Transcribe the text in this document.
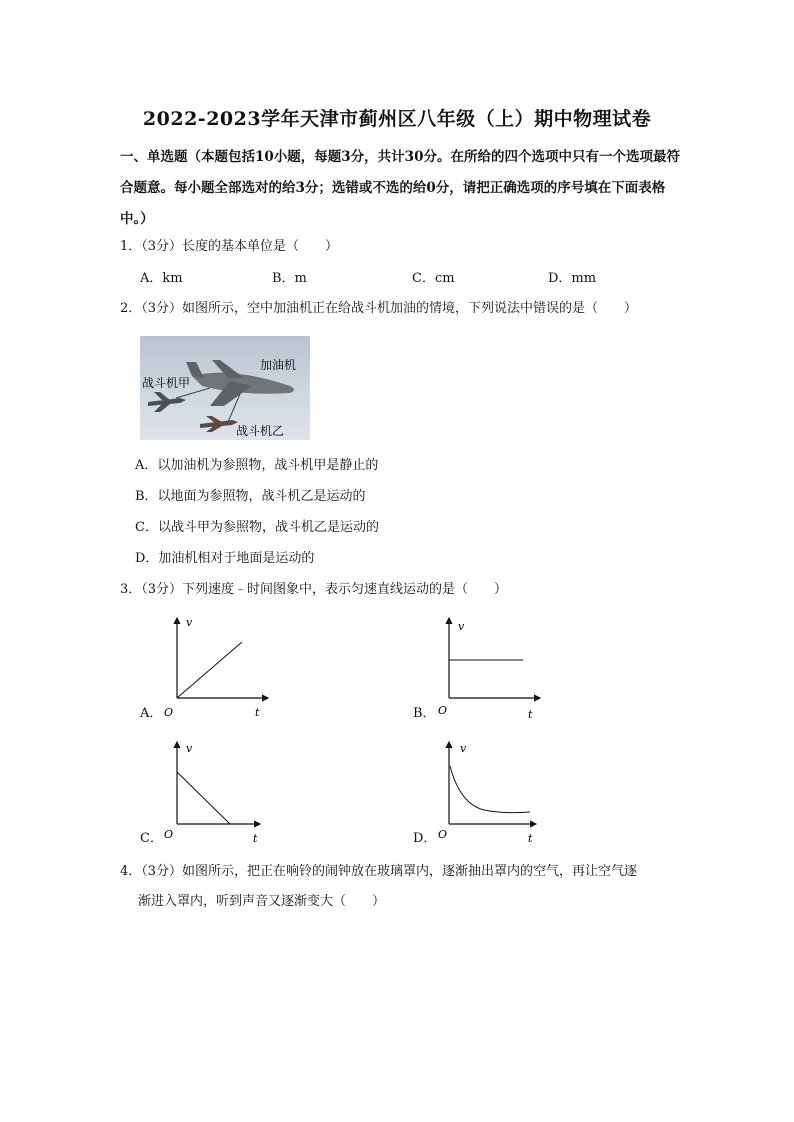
2022-2023学年天津市蓟州区八年级（上）期中物理试卷
一、单选题（本题包括10小题，每题3分，共计30分。在所给的四个选项中只有一个选项最符合题意。每小题全部选对的给3分；选错或不选的给0分，请把正确选项的序号填在下面表格中。）
1．（3分）长度的基本单位是（　　）
A．km	B．m	C．cm	D．mm
2．（3分）如图所示，空中加油机正在给战斗机加油的情境，下列说法中错误的是（　　）
加油机
战斗机甲
战斗机乙
A．以加油机为参照物，战斗机甲是静止的
B．以地面为参照物，战斗机乙是运动的
C．以战斗甲为参照物，战斗机乙是运动的
D．加油机相对于地面是运动的
3．（3分）下列速度﹣时间图象中，表示匀速直线运动的是（　　）
A．
v
t
O	B．
v
t
O
C．
v
t
O	D．
v
t
O
4．（3分）如图所示，把正在响铃的闹钟放在玻璃罩内，逐渐抽出罩内的空气，再让空气逐
渐进入罩内，听到声音又逐渐变大（　　）
